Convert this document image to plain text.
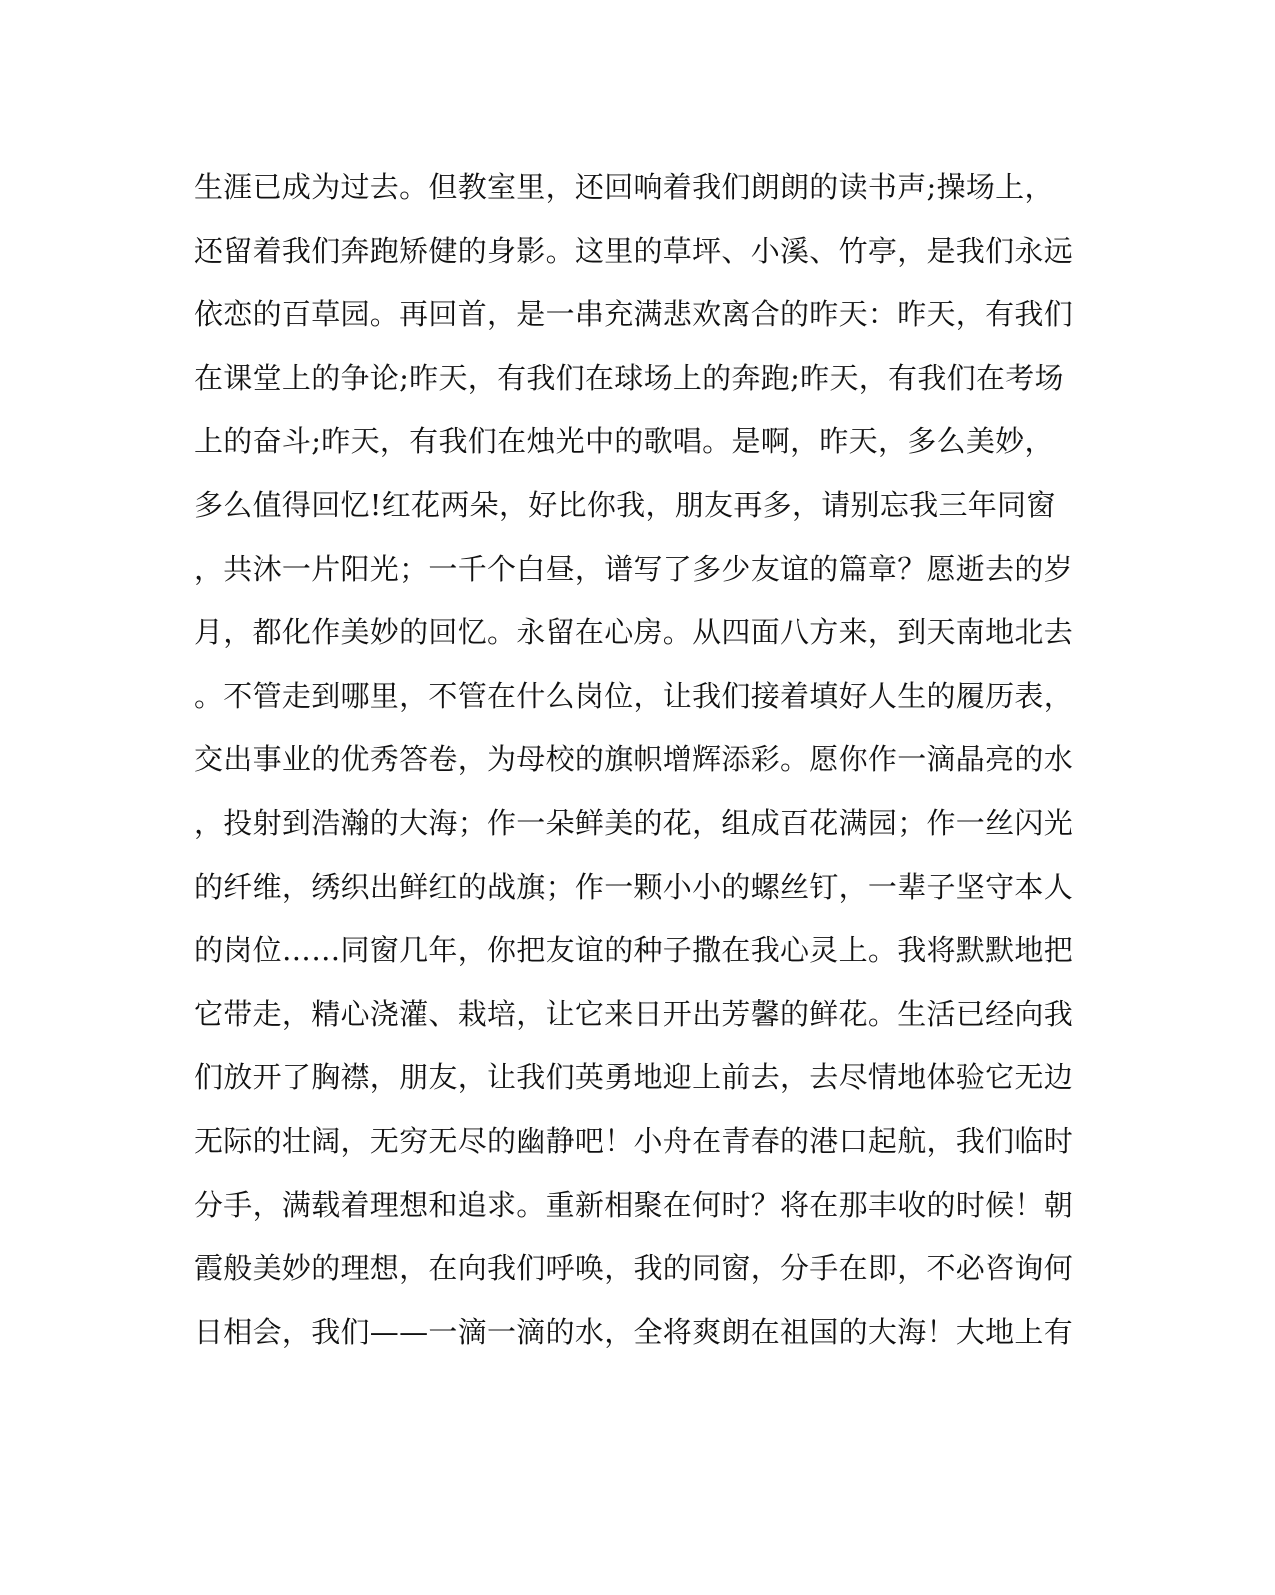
生涯已成为过去。但教室里，还回响着我们朗朗的读书声;操场上，
还留着我们奔跑矫健的身影。这里的草坪、小溪、竹亭，是我们永远
依恋的百草园。再回首，是一串充满悲欢离合的昨天：昨天，有我们
在课堂上的争论;昨天，有我们在球场上的奔跑;昨天，有我们在考场
上的奋斗;昨天，有我们在烛光中的歌唱。是啊，昨天，多么美妙，
多么值得回忆!红花两朵，好比你我，朋友再多，请别忘我三年同窗
，共沐一片阳光；一千个白昼，谱写了多少友谊的篇章？愿逝去的岁
月，都化作美妙的回忆。永留在心房。从四面八方来，到天南地北去
。不管走到哪里，不管在什么岗位，让我们接着填好人生的履历表，
交出事业的优秀答卷，为母校的旗帜增辉添彩。愿你作一滴晶亮的水
，投射到浩瀚的大海；作一朵鲜美的花，组成百花满园；作一丝闪光
的纤维，绣织出鲜红的战旗；作一颗小小的螺丝钉，一辈子坚守本人
的岗位……同窗几年，你把友谊的种子撒在我心灵上。我将默默地把
它带走，精心浇灌、栽培，让它来日开出芳馨的鲜花。生活已经向我
们放开了胸襟，朋友，让我们英勇地迎上前去，去尽情地体验它无边
无际的壮阔，无穷无尽的幽静吧！小舟在青春的港口起航，我们临时
分手，满载着理想和追求。重新相聚在何时？将在那丰收的时候！朝
霞般美妙的理想，在向我们呼唤，我的同窗，分手在即，不必咨询何
日相会，我们——一滴一滴的水，全将爽朗在祖国的大海！大地上有
